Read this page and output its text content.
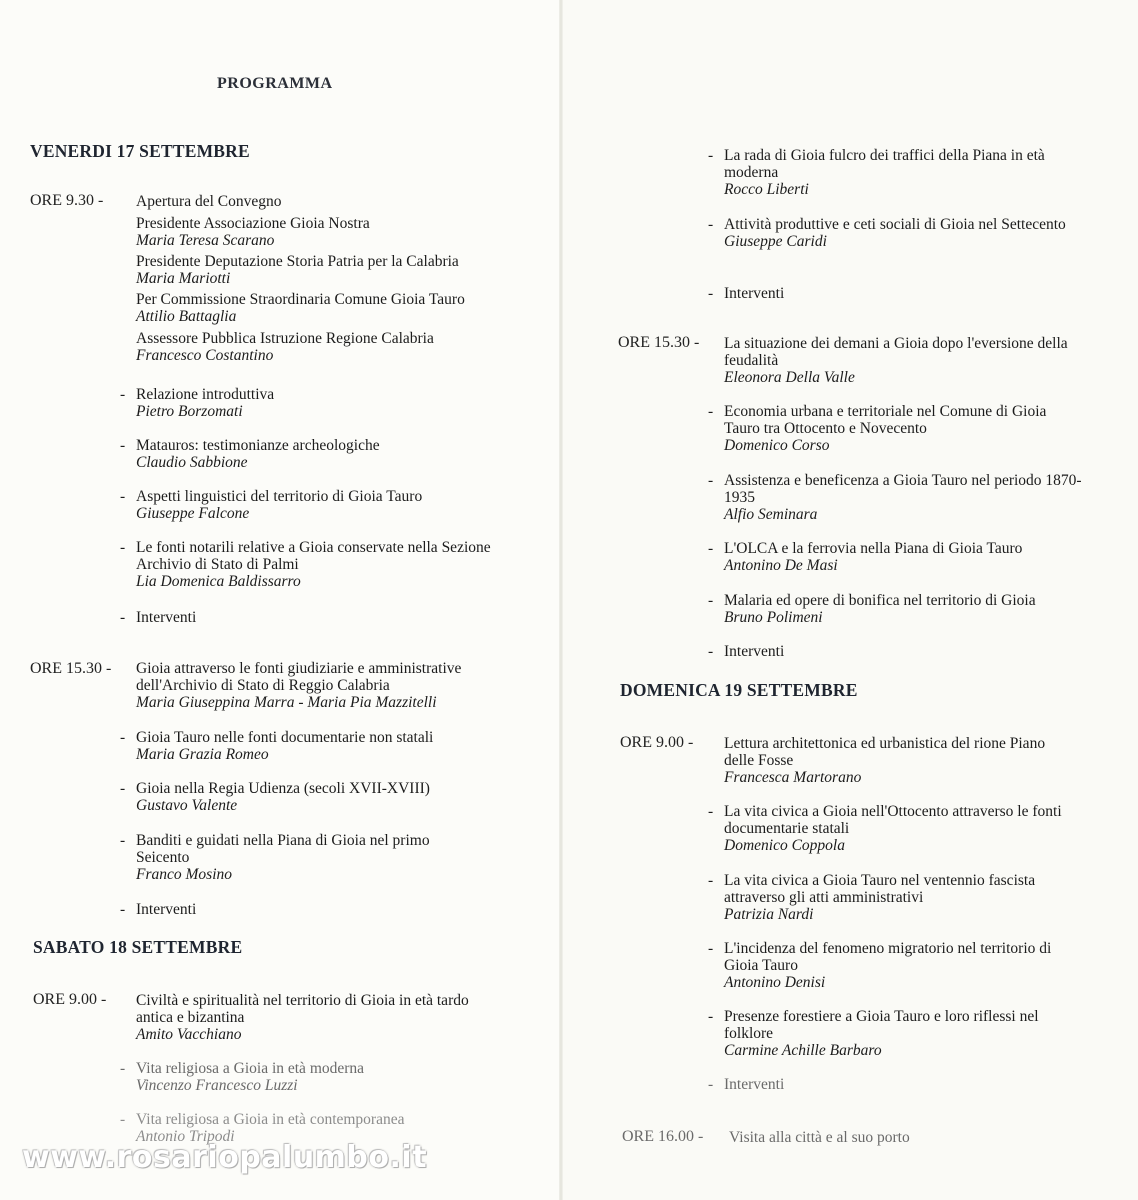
PROGRAMMA
VENERDI 17 SETTEMBRE
ORE 9.30 - Apertura del Convegno
Presidente Associazione Gioia Nostra
Maria Teresa Scarano
Presidente Deputazione Storia Patria per la Calabria
Maria Mariotti
Per Commissione Straordinaria Comune Gioia Tauro
Attilio Battaglia
Assessore Pubblica Istruzione Regione Calabria
Francesco Costantino
- Relazione introduttiva
Pietro Borzomati
- Matauros: testimonianze archeologiche
Claudio Sabbione
- Aspetti linguistici del territorio di Gioia Tauro
Giuseppe Falcone
- Le fonti notarili relative a Gioia conservate nella Sezione Archivio di Stato di Palmi
Lia Domenica Baldissarro
- Interventi
ORE 15.30 - Gioia attraverso le fonti giudiziarie e amministrative dell'Archivio di Stato di Reggio Calabria
Maria Giuseppina Marra - Maria Pia Mazzitelli
- Gioia Tauro nelle fonti documentarie non statali
Maria Grazia Romeo
- Gioia nella Regia Udienza (secoli XVII-XVIII)
Gustavo Valente
- Banditi e guidati nella Piana di Gioia nel primo Seicento
Franco Mosino
- Interventi
SABATO 18 SETTEMBRE
ORE 9.00 - Civiltà e spiritualità nel territorio di Gioia in età tardo antica e bizantina
Amito Vacchiano
- Vita religiosa a Gioia in età moderna
Vincenzo Francesco Luzzi
- Vita religiosa a Gioia in età contemporanea
Antonio Tripodi
- La rada di Gioia fulcro dei traffici della Piana in età moderna
Rocco Liberti
- Attività produttive e ceti sociali di Gioia nel Settecento
Giuseppe Caridi
- Interventi
ORE 15.30 - La situazione dei demani a Gioia dopo l'eversione della feudalità
Eleonora Della Valle
- Economia urbana e territoriale nel Comune di Gioia Tauro tra Ottocento e Novecento
Domenico Corso
- Assistenza e beneficenza a Gioia Tauro nel periodo 1870-1935
Alfio Seminara
- L'OLCA e la ferrovia nella Piana di Gioia Tauro
Antonino De Masi
- Malaria ed opere di bonifica nel territorio di Gioia
Bruno Polimeni
- Interventi
DOMENICA 19 SETTEMBRE
ORE 9.00 - Lettura architettonica ed urbanistica del rione Piano delle Fosse
Francesca Martorano
- La vita civica a Gioia nell'Ottocento attraverso le fonti documentarie statali
Domenico Coppola
- La vita civica a Gioia Tauro nel ventennio fascista attraverso gli atti amministrativi
Patrizia Nardi
- L'incidenza del fenomeno migratorio nel territorio di Gioia Tauro
Antonino Denisi
- Presenze forestiere a Gioia Tauro e loro riflessi nel folklore
Carmine Achille Barbaro
- Interventi
ORE 16.00 - Visita alla città e al suo porto
www.rosariopalumbo.it
